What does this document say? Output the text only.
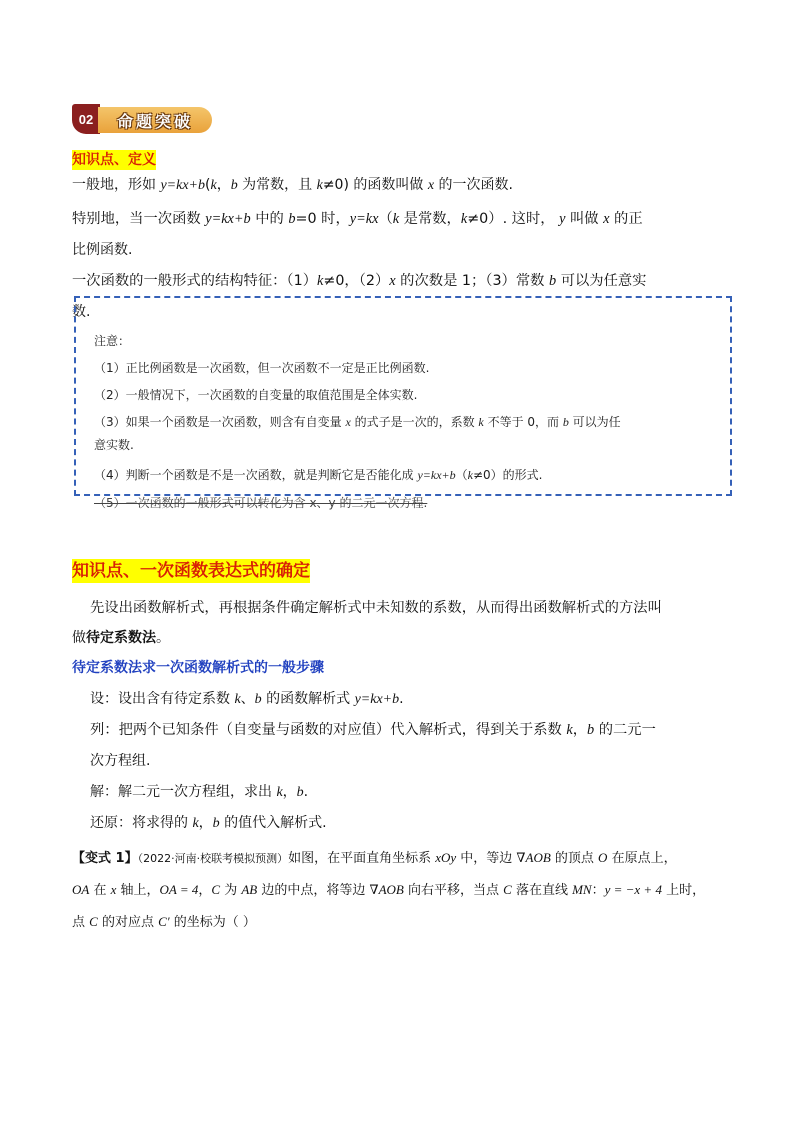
02	命题突破
知识点、定义
一般地，形如 y=kx+b(k，b 为常数，且 k≠0) 的函数叫做 x 的一次函数.
特别地，当一次函数 y=kx+b 中的 b=0 时，y=kx（k 是常数，k≠0）. 这时， y 叫做 x 的正
比例函数.
一次函数的一般形式的结构特征：（1）k≠0，（2）x 的次数是 1；（3）常数 b 可以为任意实
数.
注意：
（1）正比例函数是一次函数，但一次函数不一定是正比例函数.
（2）一般情况下，一次函数的自变量的取值范围是全体实数.
（3）如果一个函数是一次函数，则含有自变量 x 的式子是一次的，系数 k 不等于 0，而 b 可以为任
意实数.
（4）判断一个函数是不是一次函数，就是判断它是否能化成 y=kx+b（k≠0）的形式.
（5）一次函数的一般形式可以转化为含 x、y 的二元一次方程.
知识点、一次函数表达式的确定
先设出函数解析式，再根据条件确定解析式中未知数的系数，从而得出函数解析式的方法叫
做待定系数法。
待定系数法求一次函数解析式的一般步骤
设：设出含有待定系数 k、b 的函数解析式 y=kx+b.
列：把两个已知条件（自变量与函数的对应值）代入解析式，得到关于系数 k，b 的二元一
次方程组.
解：解二元一次方程组，求出 k，b.
还原：将求得的 k，b 的值代入解析式.
【变式 1】（2022·河南·校联考模拟预测）如图，在平面直角坐标系 xOy 中，等边 ∇AOB 的顶点 O 在原点上，
OA 在 x 轴上，OA = 4，C 为 AB 边的中点，将等边 ∇AOB 向右平移，当点 C 落在直线 MN：y = −x + 4 上时，
点 C 的对应点 C′ 的坐标为（ ）
